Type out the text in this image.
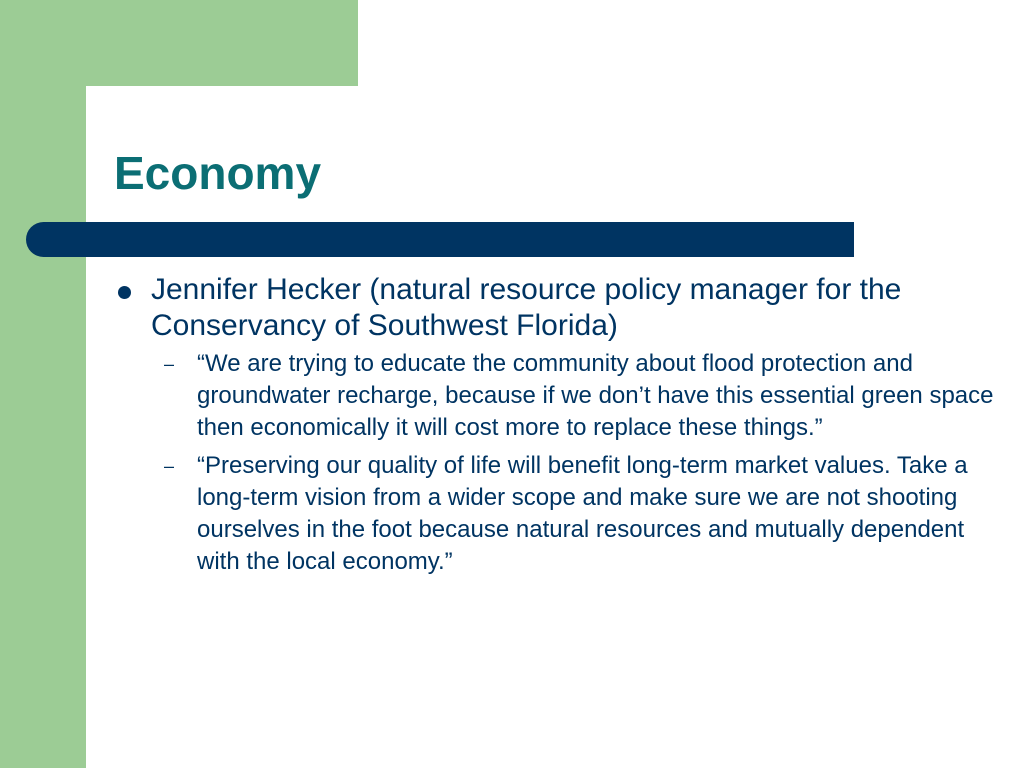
Economy
Jennifer Hecker (natural resource policy manager for the Conservancy of Southwest Florida)
– “We are trying to educate the community about flood protection and groundwater recharge, because if we don’t have this essential green space then economically it will cost more to replace these things.”
– “Preserving our quality of life will benefit long-term market values. Take a long-term vision from a wider scope and make sure we are not shooting ourselves in the foot because natural resources and mutually dependent with the local economy.”
